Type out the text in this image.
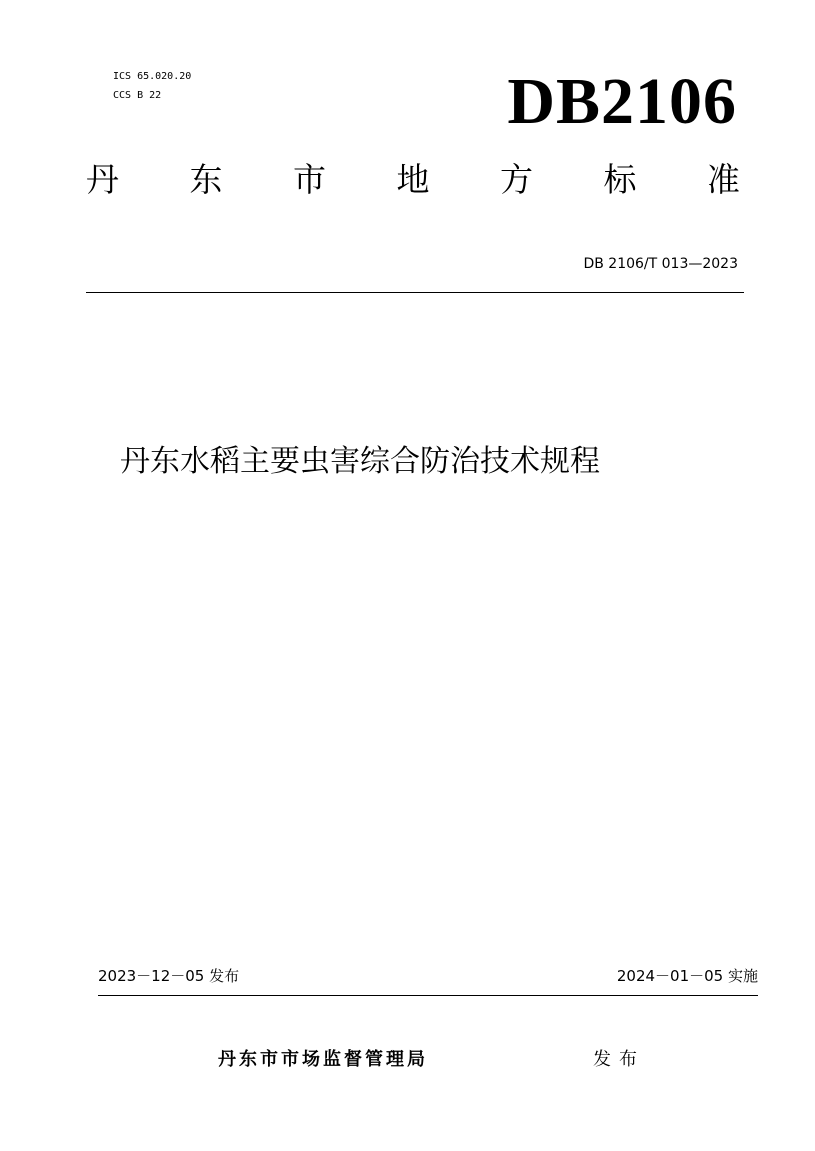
ICS 65.020.20
CCS B 22	DB2106
丹 东 市 地 方 标 准
DB 2106/T 013—2023
丹东水稻主要虫害综合防治技术规程
2023－12－05 发布	2024－01－05 实施
丹东市市场监督管理局	发布
